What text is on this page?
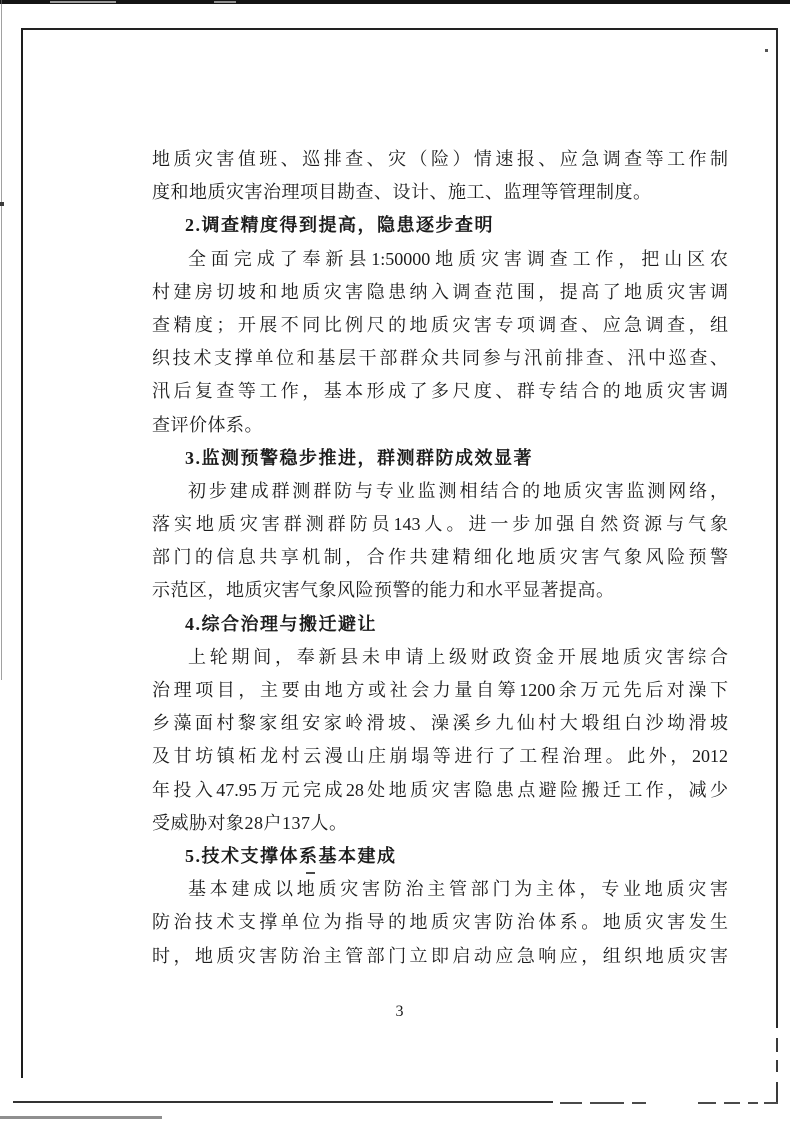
地质灾害值班、巡排查、灾（险）情速报、应急调查等工作制
度和地质灾害治理项目勘查、设计、施工、监理等管理制度。
2.调查精度得到提高，隐患逐步查明
全面完成了奉新县1:50000地质灾害调查工作，把山区农
村建房切坡和地质灾害隐患纳入调查范围，提高了地质灾害调
查精度；开展不同比例尺的地质灾害专项调查、应急调查，组
织技术支撑单位和基层干部群众共同参与汛前排查、汛中巡查、
汛后复查等工作，基本形成了多尺度、群专结合的地质灾害调
查评价体系。
3.监测预警稳步推进，群测群防成效显著
初步建成群测群防与专业监测相结合的地质灾害监测网络，
落实地质灾害群测群防员143人。进一步加强自然资源与气象
部门的信息共享机制，合作共建精细化地质灾害气象风险预警
示范区，地质灾害气象风险预警的能力和水平显著提高。
4.综合治理与搬迁避让
上轮期间，奉新县未申请上级财政资金开展地质灾害综合
治理项目，主要由地方或社会力量自筹1200余万元先后对澡下
乡藻面村黎家组安家岭滑坡、澡溪乡九仙村大塅组白沙坳滑坡
及甘坊镇柘龙村云漫山庄崩塌等进行了工程治理。此外，2012
年投入47.95万元完成28处地质灾害隐患点避险搬迁工作，减少
受威胁对象28户137人。
5.技术支撑体系基本建成
基本建成以地质灾害防治主管部门为主体，专业地质灾害
防治技术支撑单位为指导的地质灾害防治体系。地质灾害发生
时，地质灾害防治主管部门立即启动应急响应，组织地质灾害
3
